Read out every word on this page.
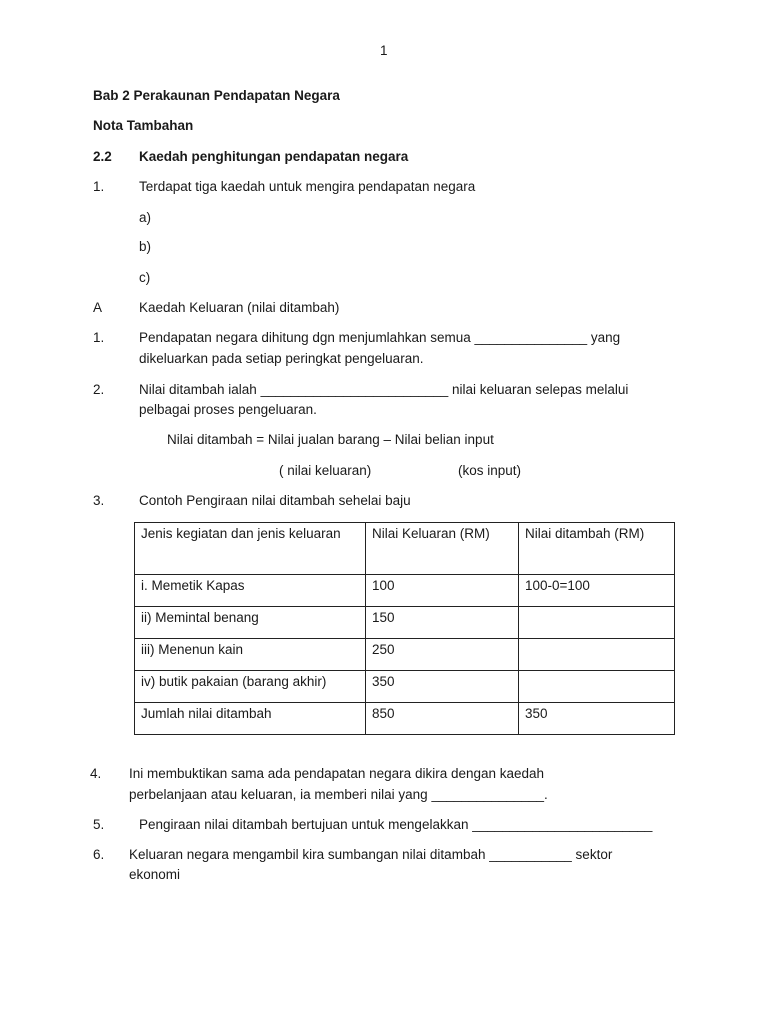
1
Bab 2 Perakaunan Pendapatan Negara
Nota Tambahan
2.2 Kaedah penghitungan pendapatan negara
1.	Terdapat tiga kaedah untuk mengira pendapatan negara
a)
b)
c)
A	Kaedah Keluaran (nilai ditambah)
1.	Pendapatan negara dihitung dgn menjumlahkan semua _______________ yang
dikeluarkan pada setiap peringkat pengeluaran.
2.	Nilai ditambah ialah _________________________ nilai keluaran selepas melalui
pelbagai proses pengeluaran.
Nilai ditambah = Nilai jualan barang – Nilai belian input
( nilai keluaran)	(kos input)
3.	Contoh Pengiraan nilai ditambah sehelai baju
Jenis kegiatan dan jenis keluaran	Nilai Keluaran (RM)	Nilai ditambah (RM)
i. Memetik Kapas	100	100-0=100
ii) Memintal benang	150	
iii) Menenun kain	250	
iv) butik pakaian (barang akhir)	350	
Jumlah nilai ditambah	850	350
4. Ini membuktikan sama ada pendapatan negara dikira dengan kaedah
perbelanjaan atau keluaran, ia memberi nilai yang _______________.
5.	Pengiraan nilai ditambah bertujuan untuk mengelakkan ________________________
6. Keluaran negara mengambil kira sumbangan nilai ditambah ___________ sektor
ekonomi
